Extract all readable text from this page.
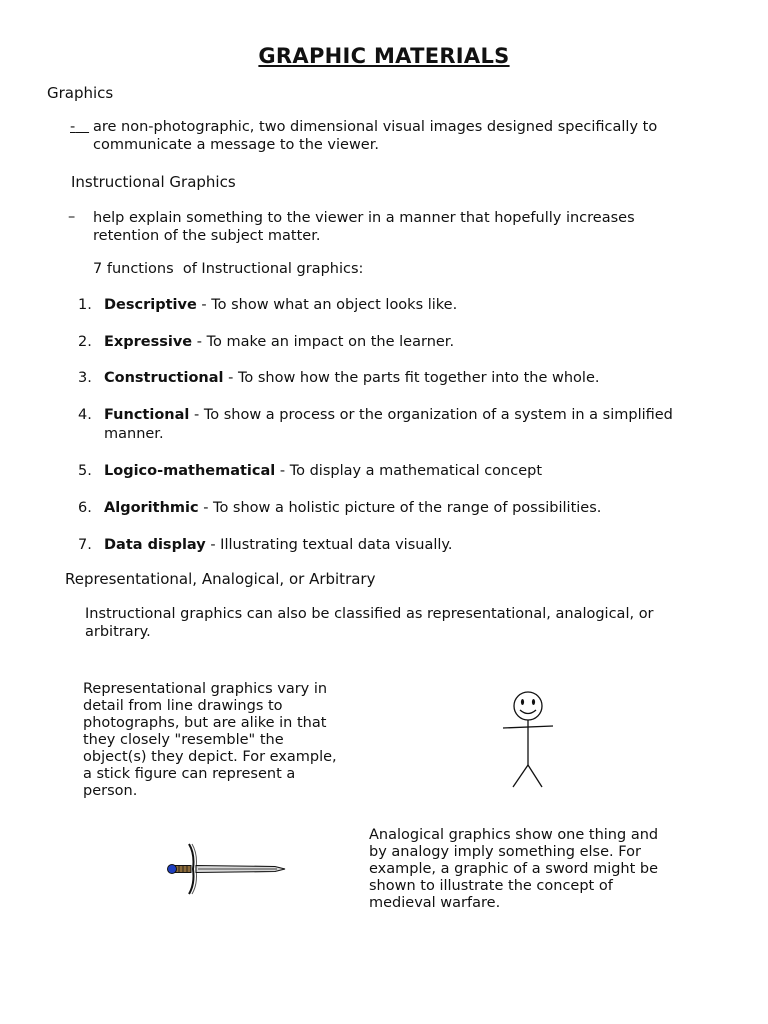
GRAPHIC MATERIALS
Graphics
-	are non-photographic, two dimensional visual images designed specifically to
communicate a message to the viewer.
Instructional Graphics
– help explain something to the viewer in a manner that hopefully increases
retention of the subject matter.
7 functions  of Instructional graphics:
1. Descriptive - To show what an object looks like.
2. Expressive - To make an impact on the learner.
3. Constructional - To show how the parts fit together into the whole.
4. Functional - To show a process or the organization of a system in a simplified
manner.
5. Logico-mathematical - To display a mathematical concept
6. Algorithmic - To show a holistic picture of the range of possibilities.
7. Data display - Illustrating textual data visually.
Representational, Analogical, or Arbitrary
Instructional graphics can also be classified as representational, analogical, or
arbitrary.
Representational graphics vary in
detail from line drawings to
photographs, but are alike in that
they closely "resemble" the
object(s) they depict. For example,
a stick figure can represent a
person.
Analogical graphics show one thing and
by analogy imply something else. For
example, a graphic of a sword might be
shown to illustrate the concept of
medieval warfare.
